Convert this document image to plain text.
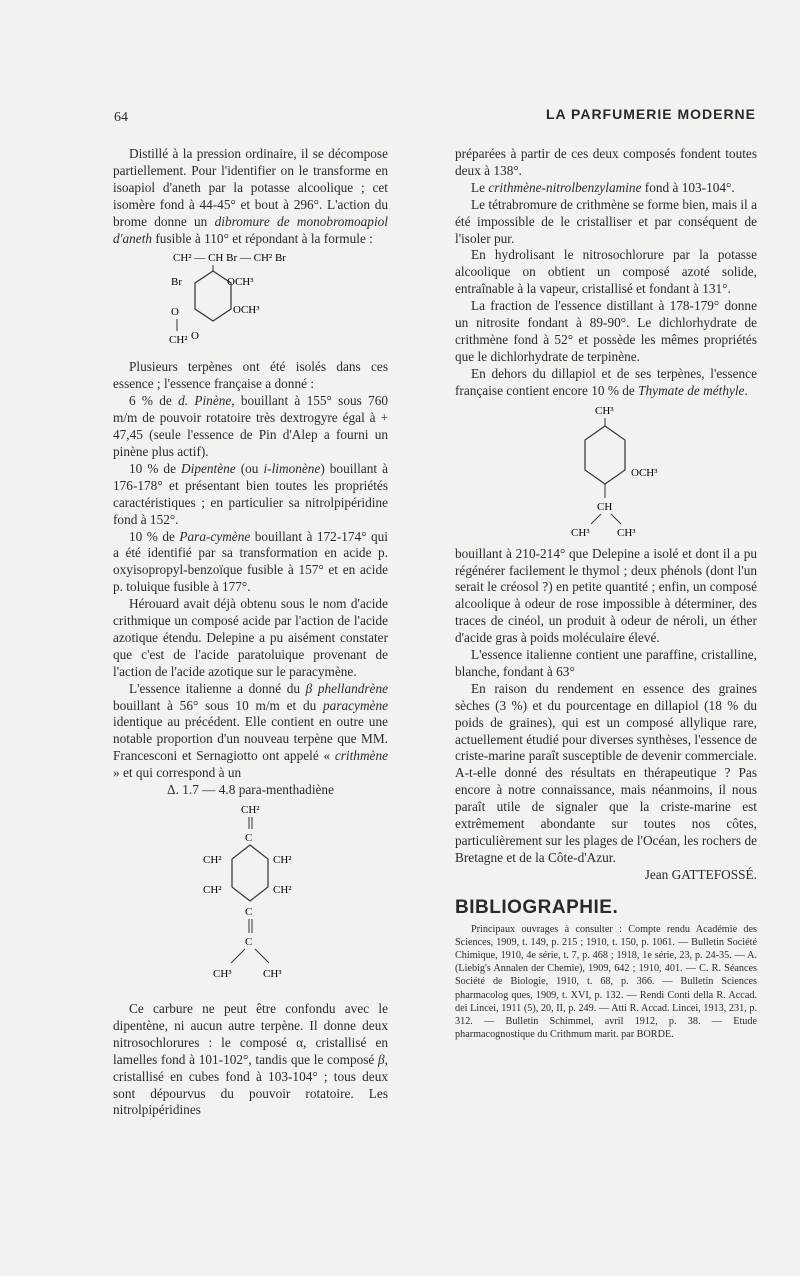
64	LA PARFUMERIE MODERNE

Distillé à la pression ordinaire, il se décompose partiellement. Pour l'identifier on le transforme en isoapiol d'aneth par la potasse alcoolique ; cet isomère fond à 44-45° et bout à 296°. L'action du brome donne un dibromure de monobromoapiol d'aneth fusible à 110° et répondant à la formule :

CH² — CH Br — CH² Br
Br	OCH³
O	OCH³
CH² O

Plusieurs terpènes ont été isolés dans ces essence ; l'essence française a donné :

6 % de d. Pinène, bouillant à 155° sous 760 m/m de pouvoir rotatoire très dextrogyre égal à + 47,45 (seule l'essence de Pin d'Alep a fourni un pinène plus actif).

10 % de Dipentène (ou i-limonène) bouillant à 176-178° et présentant bien toutes les propriétés caractéristiques ; en particulier sa nitrolpipéridine fond à 152°.

10 % de Para-cymène bouillant à 172-174° qui a été identifié par sa transformation en acide p. oxyisopropyl-benzoïque fusible à 157° et en acide p. toluique fusible à 177°.

Hérouard avait déjà obtenu sous le nom d'acide crithmique un composé acide par l'action de l'acide azotique étendu. Delepine a pu aisément constater que c'est de l'acide paratoluique provenant de l'action de l'acide azotique sur le paracymène.

L'essence italienne a donné du β phellandrène bouillant à 56° sous 10 m/m et du paracymène identique au précédent. Elle contient en outre une notable proportion d'un nouveau terpène que MM. Francesconi et Sernagiotto ont appelé « crithmène » et qui correspond à un

Δ. 1.7 — 4.8 para-menthadiène

CH²
C
CH²	CH²
CH²	CH²
C
C
CH³	CH³

Ce carbure ne peut être confondu avec le dipentène, ni aucun autre terpène. Il donne deux nitrosochlorures : le composé α, cristallisé en lamelles fond à 101-102°, tandis que le composé β, cristallisé en cubes fond à 103-104° ; tous deux sont dépourvus du pouvoir rotatoire. Les nitrolpipéridines

préparées à partir de ces deux composés fondent toutes deux à 138°.

Le crithmène-nitrolbenzylamine fond à 103-104°.

Le tétrabromure de crithmène se forme bien, mais il a été impossible de le cristalliser et par conséquent de l'isoler pur.

En hydrolisant le nitrosochlorure par la potasse alcoolique on obtient un composé azoté solide, entraînable à la vapeur, cristallisé et fondant à 131°.

La fraction de l'essence distillant à 178-179° donne un nitrosite fondant à 89-90°. Le dichlorhydrate de crithmène fond à 52° et possède les mêmes propriétés que le dichlorhydrate de terpinène.

En dehors du dillapiol et de ses terpènes, l'essence française contient encore 10 % de Thymate de méthyle.

CH³
OCH³
CH
CH³ CH³

bouillant à 210-214° que Delepine a isolé et dont il a pu régénérer facilement le thymol ; deux phénols (dont l'un serait le créosol ?) en petite quantité ; enfin, un composé alcoolique à odeur de rose impossible à déterminer, des traces de cinéol, un produit à odeur de néroli, un éther d'acide gras à poids moléculaire élevé.

L'essence italienne contient une paraffine, cristalline, blanche, fondant à 63°

En raison du rendement en essence des graines sèches (3 %) et du pourcentage en dillapiol (18 % du poids de graines), qui est un composé allylique rare, actuellement étudié pour diverses synthèses, l'essence de criste-marine paraît susceptible de devenir commerciale. A-t-elle donné des résultats en thérapeutique ? Pas encore à notre connaissance, mais néanmoins, il nous paraît utile de signaler que la criste-marine est extrêmement abondante sur toutes nos côtes, particulièrement sur les plages de l'Océan, les rochers de Bretagne et de la Côte-d'Azur.

Jean GATTEFOSSÉ.

BIBLIOGRAPHIE.
Principaux ouvrages à consulter : Compte rendu Académie des Sciences, 1909, t. 149, p. 215 ; 1910, t. 150, p. 1061. — Bulletin Société Chimique, 1910, 4e série, t. 7, p. 468 ; 1918, 1e série, 23, p. 24-35. — A. (Liebig's Annalen der Chemie), 1909, 642 ; 1910, 401. — C. R. Séances Société de Biologie, 1910, t. 68, p. 366. — Bulletin Sciences pharmacolog ques, 1909, t. XVI, p. 132. — Rendi Conti della R. Accad. dei Lincei, 1911 (5), 20, II, p. 249. — Atti R. Accad. Lincei, 1913, 231, p. 312. — Bulletin Schimmel, avril 1912, p. 38. — Etude pharmacognostique du Crithmum marit. par BORDE.
